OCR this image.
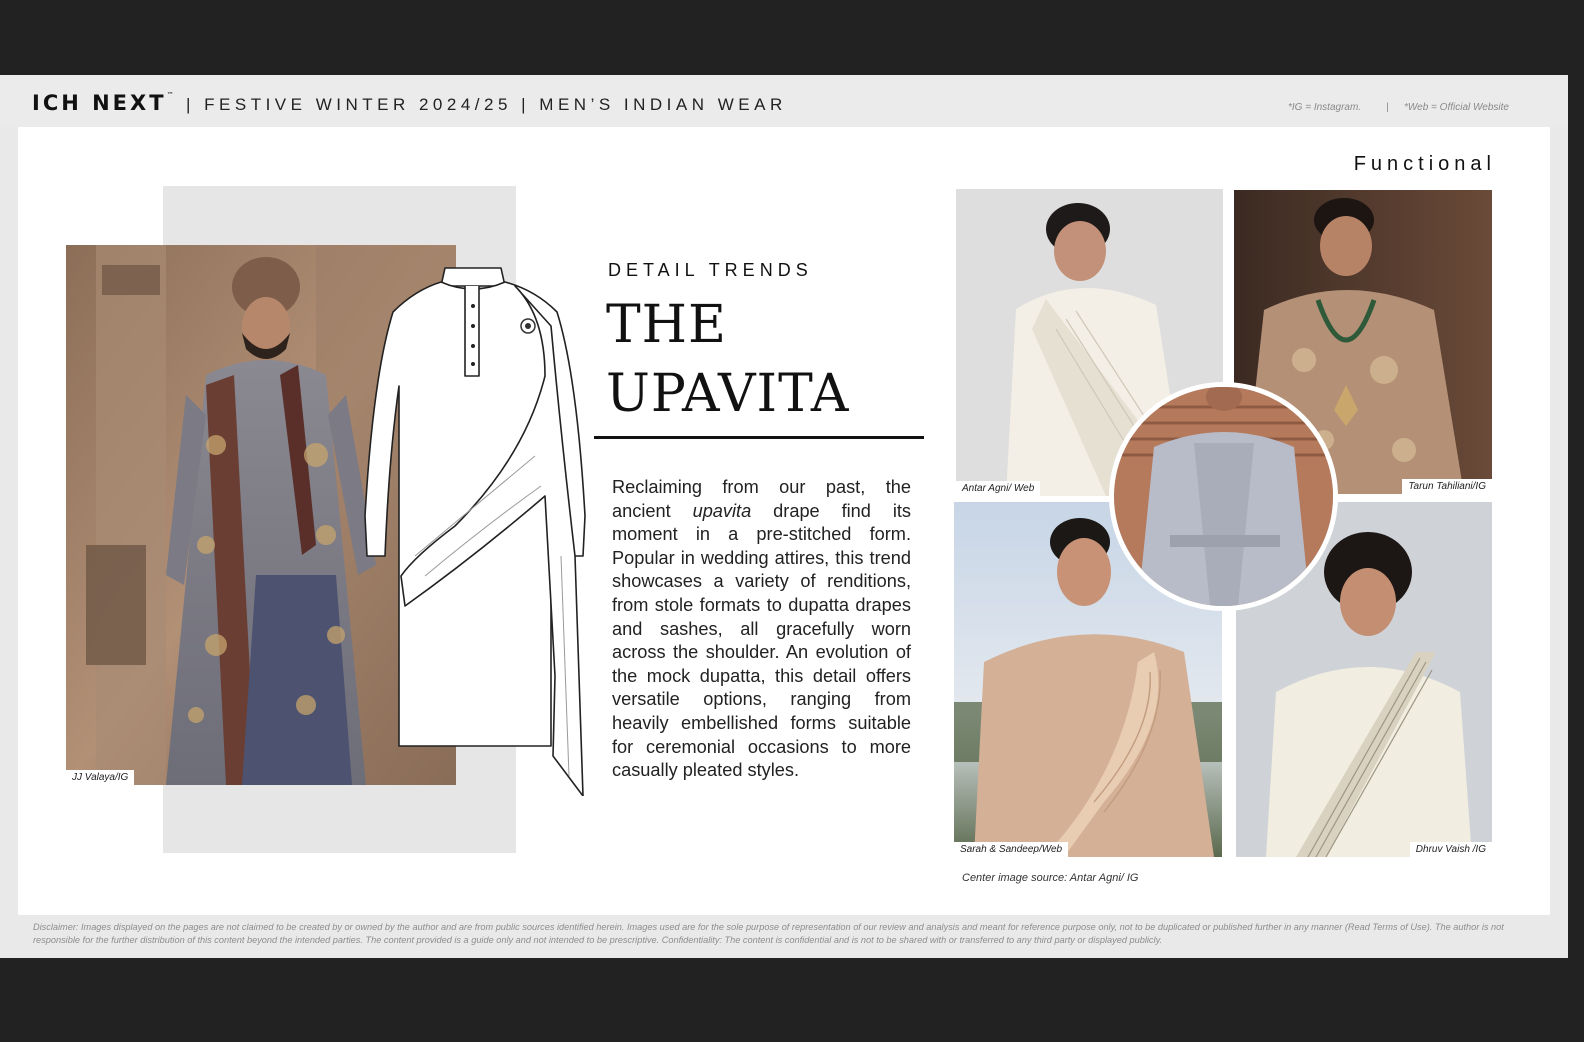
ICH NEXT™ | FESTIVE WINTER 2024/25 | MEN’S INDIAN WEAR	*IG = Instagram. | *Web = Official Website
Functional
JJ Valaya/IG
DETAIL TRENDS
THE
UPAVITA
Reclaiming from our past, the ancient upavita drape find its moment in a pre-stitched form. Popular in wedding attires, this trend showcases a variety of renditions, from stole formats to dupatta drapes and sashes, all gracefully worn across the shoulder. An evolution of the mock dupatta, this detail offers versatile options, ranging from heavily embellished forms suitable for ceremonial occasions to more casually pleated styles.
Antar Agni/ Web	Tarun Tahiliani/IG
Sarah & Sandeep/Web	Dhruv Vaish /IG
Center image source: Antar Agni/ IG
Disclaimer: Images displayed on the pages are not claimed to be created by or owned by the author and are from public sources identified herein. Images used are for the sole purpose of representation of our review and analysis and meant for reference purpose only, not to be duplicated or published further in any manner (Read Terms of Use). The author is not responsible for the further distribution of this content beyond the intended parties. The content provided is a guide only and not intended to be prescriptive. Confidentiality: The content is confidential and is not to be shared with or transferred to any third party or displayed publicly.
